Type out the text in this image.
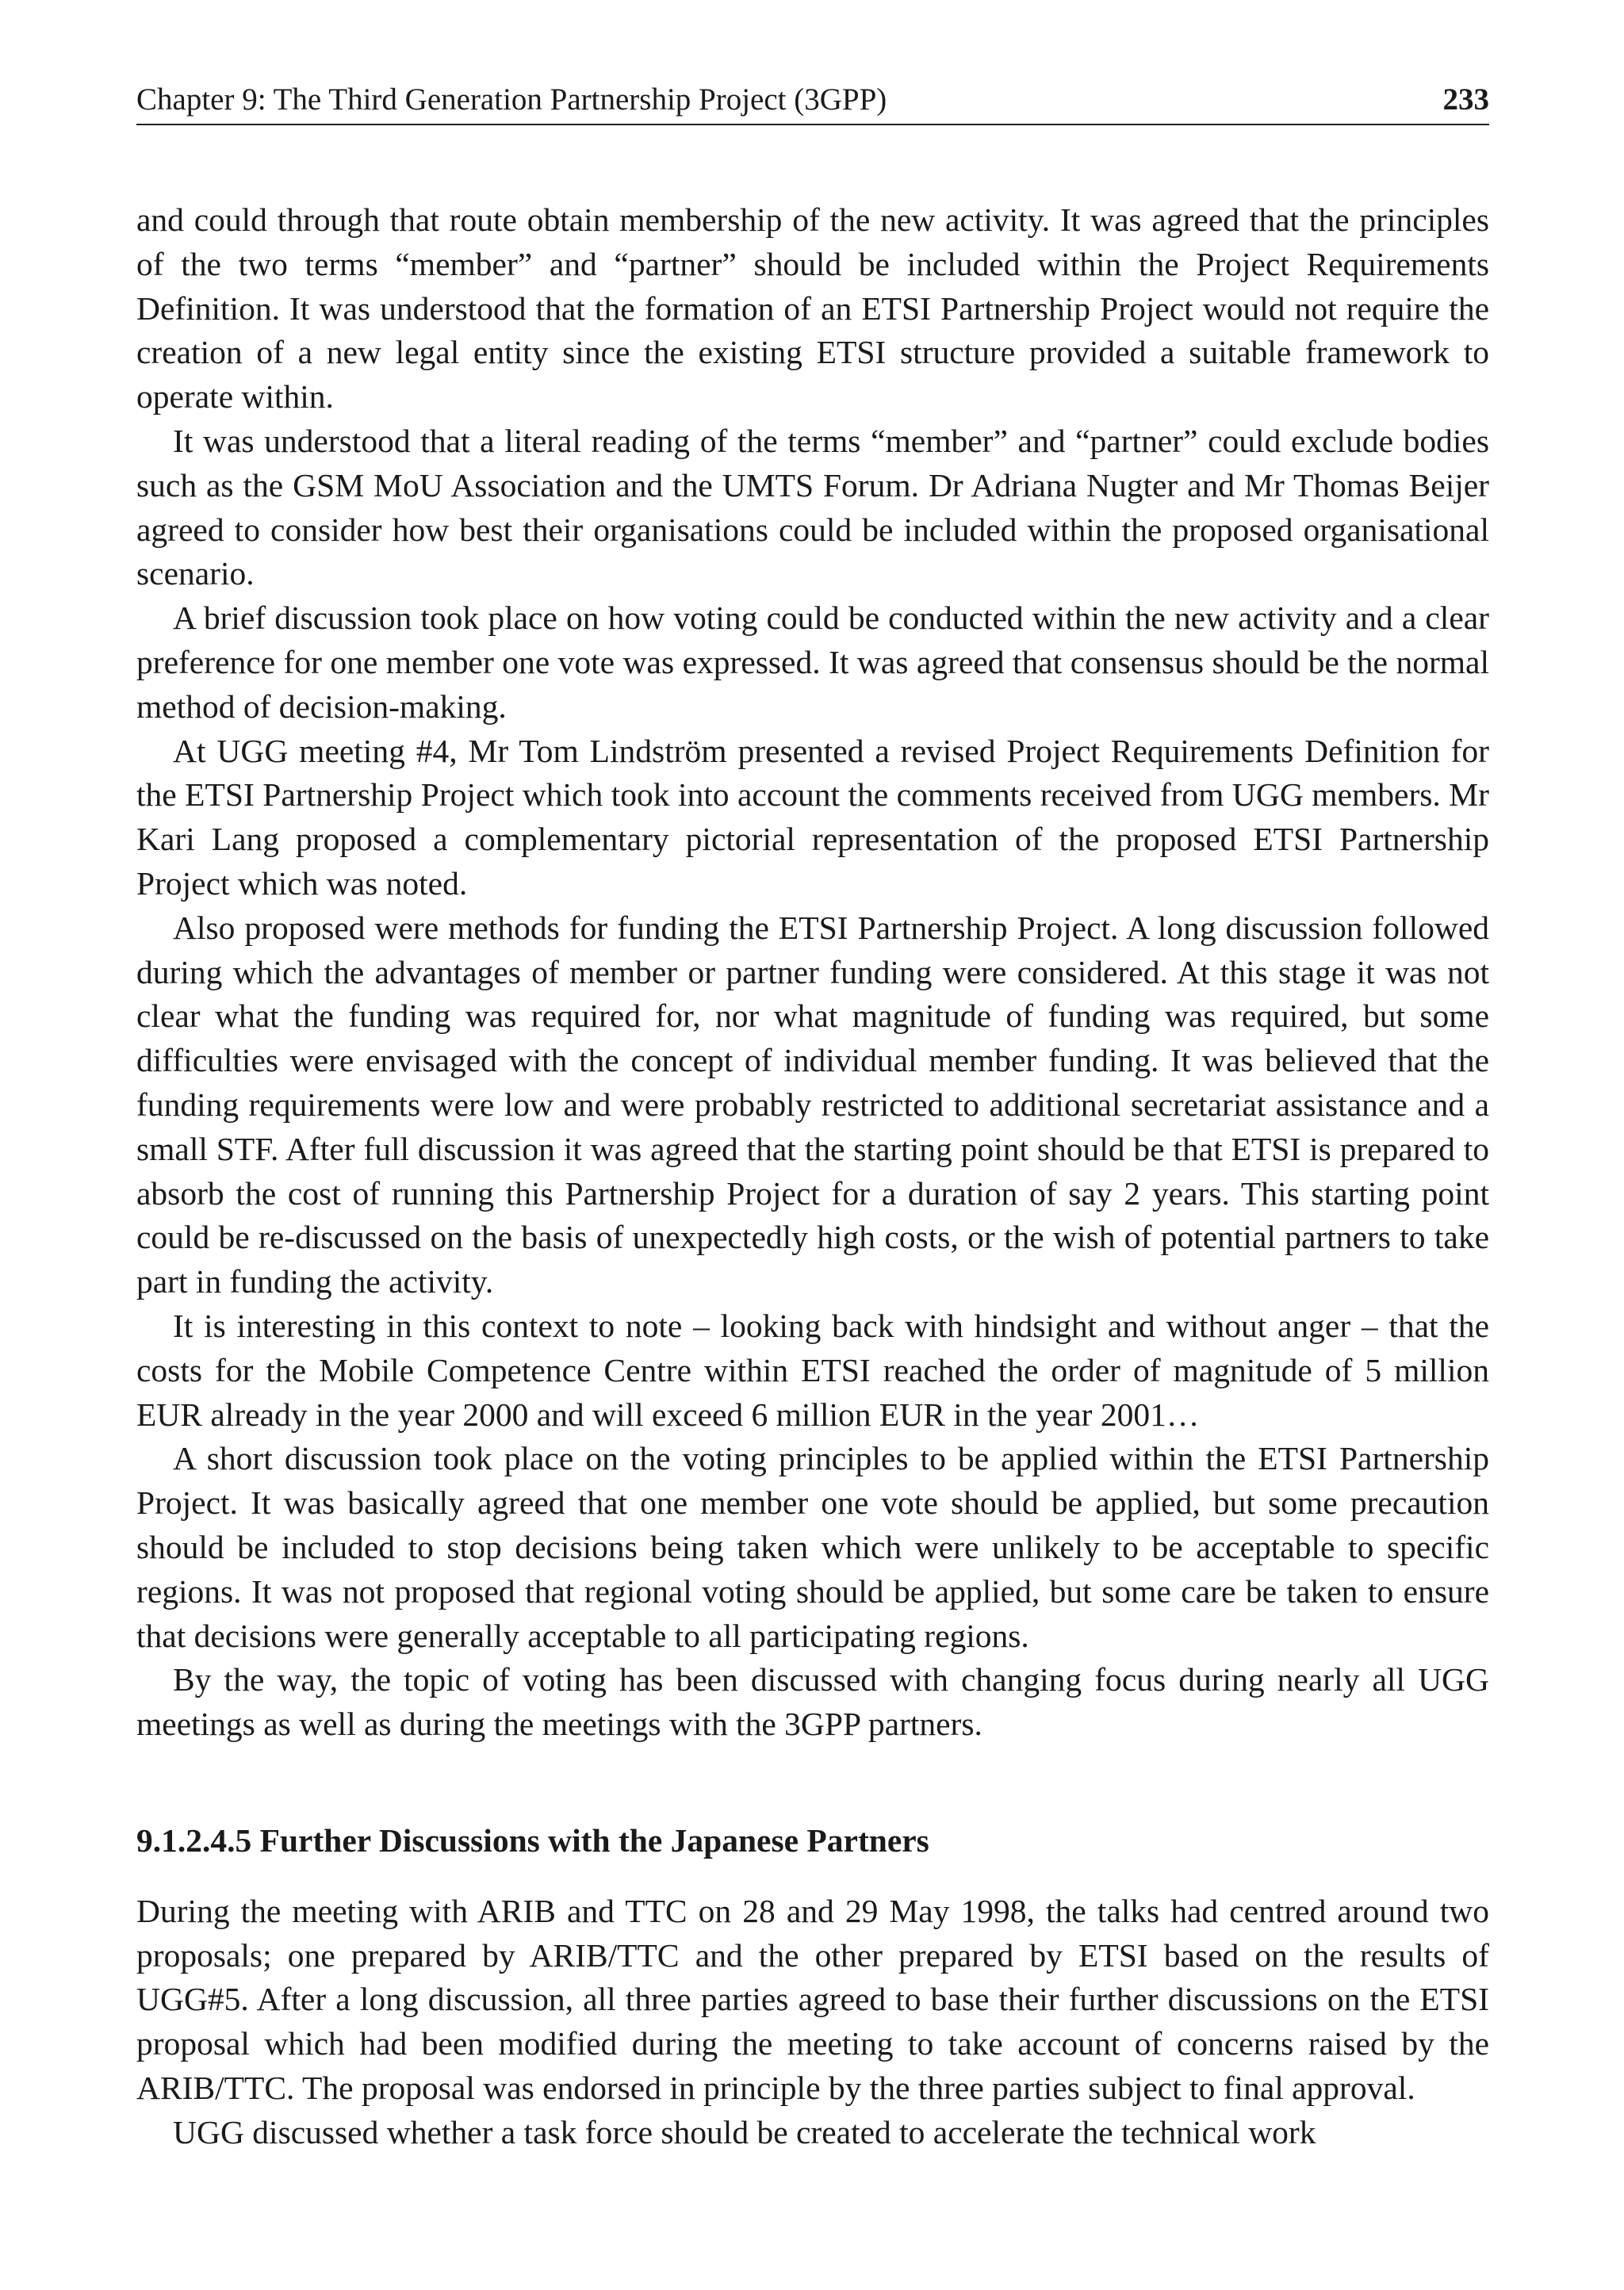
Chapter 9: The Third Generation Partnership Project (3GPP)	233

and could through that route obtain membership of the new activity. It was agreed that the principles of the two terms “member” and “partner” should be included within the Project Requirements Definition. It was understood that the formation of an ETSI Partnership Project would not require the creation of a new legal entity since the existing ETSI structure provided a suitable framework to operate within.

It was understood that a literal reading of the terms “member” and “partner” could exclude bodies such as the GSM MoU Association and the UMTS Forum. Dr Adriana Nugter and Mr Thomas Beijer agreed to consider how best their organisations could be included within the proposed organisational scenario.

A brief discussion took place on how voting could be conducted within the new activity and a clear preference for one member one vote was expressed. It was agreed that consensus should be the normal method of decision-making.

At UGG meeting #4, Mr Tom Lindström presented a revised Project Requirements Definition for the ETSI Partnership Project which took into account the comments received from UGG members. Mr Kari Lang proposed a complementary pictorial representation of the proposed ETSI Partnership Project which was noted.

Also proposed were methods for funding the ETSI Partnership Project. A long discussion followed during which the advantages of member or partner funding were considered. At this stage it was not clear what the funding was required for, nor what magnitude of funding was required, but some difficulties were envisaged with the concept of individual member funding. It was believed that the funding requirements were low and were probably restricted to additional secretariat assistance and a small STF. After full discussion it was agreed that the starting point should be that ETSI is prepared to absorb the cost of running this Partnership Project for a duration of say 2 years. This starting point could be re-discussed on the basis of unexpectedly high costs, or the wish of potential partners to take part in funding the activity.

It is interesting in this context to note – looking back with hindsight and without anger – that the costs for the Mobile Competence Centre within ETSI reached the order of magnitude of 5 million EUR already in the year 2000 and will exceed 6 million EUR in the year 2001…

A short discussion took place on the voting principles to be applied within the ETSI Partnership Project. It was basically agreed that one member one vote should be applied, but some precaution should be included to stop decisions being taken which were unlikely to be acceptable to specific regions. It was not proposed that regional voting should be applied, but some care be taken to ensure that decisions were generally acceptable to all participating regions.

By the way, the topic of voting has been discussed with changing focus during nearly all UGG meetings as well as during the meetings with the 3GPP partners.

9.1.2.4.5 Further Discussions with the Japanese Partners

During the meeting with ARIB and TTC on 28 and 29 May 1998, the talks had centred around two proposals; one prepared by ARIB/TTC and the other prepared by ETSI based on the results of UGG#5. After a long discussion, all three parties agreed to base their further discussions on the ETSI proposal which had been modified during the meeting to take account of concerns raised by the ARIB/TTC. The proposal was endorsed in principle by the three parties subject to final approval.

UGG discussed whether a task force should be created to accelerate the technical work
